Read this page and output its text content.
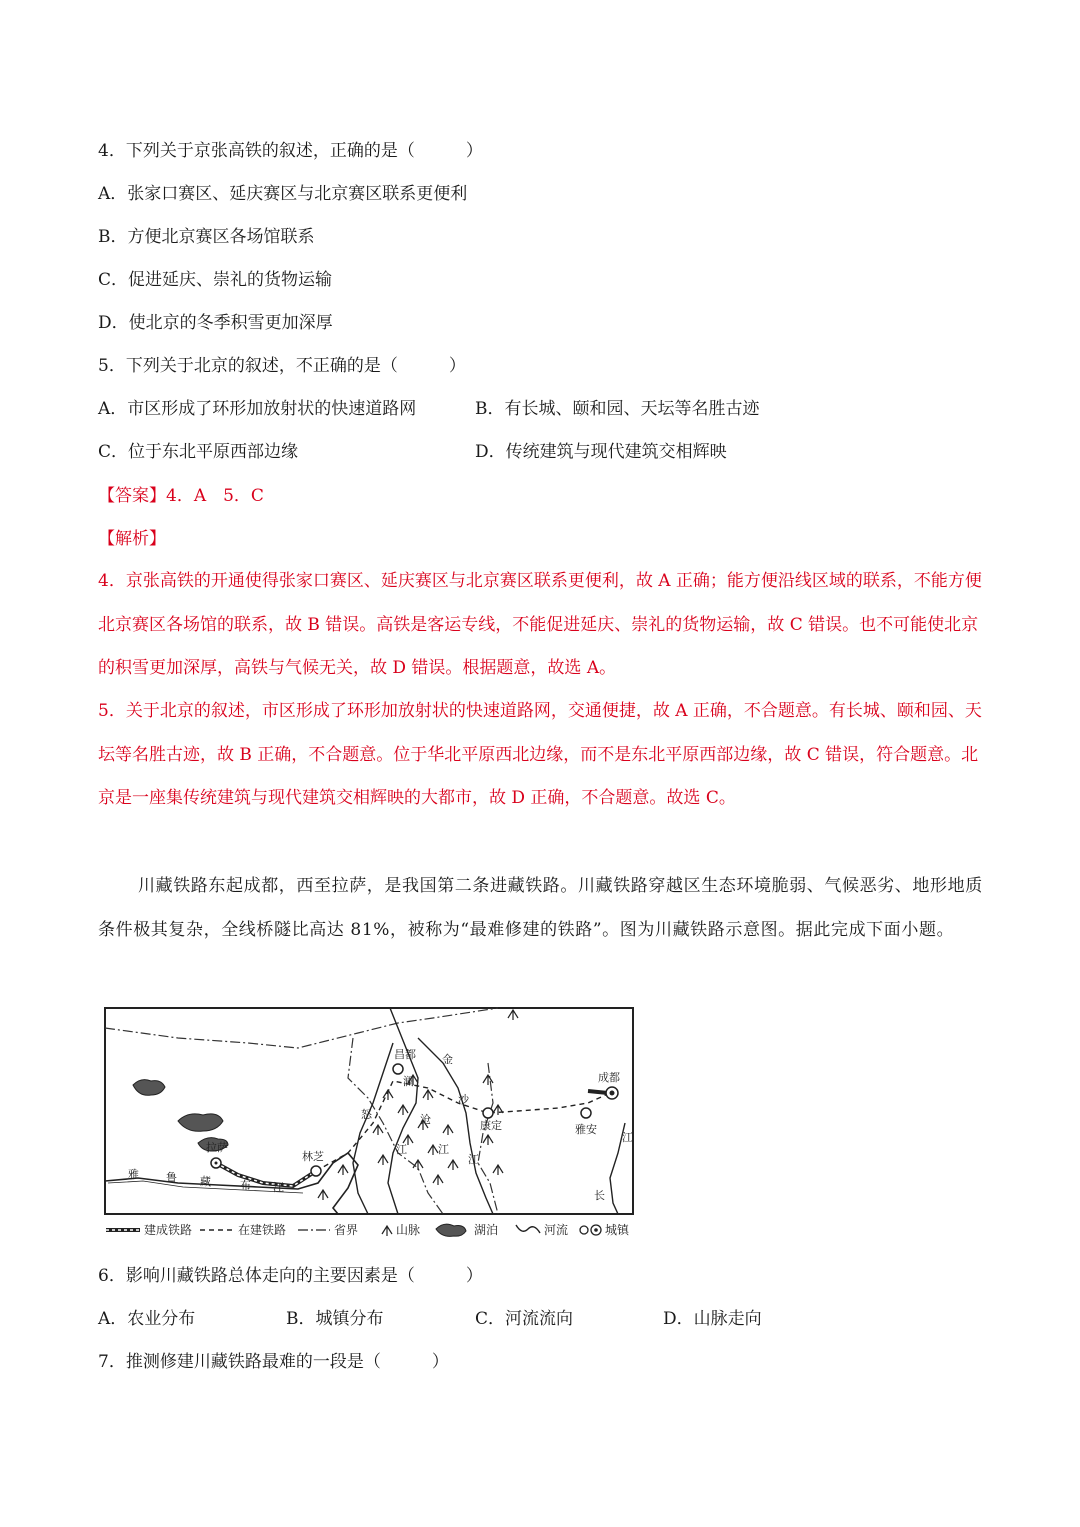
4．下列关于京张高铁的叙述，正确的是（　　　）
A．张家口赛区、延庆赛区与北京赛区联系更便利
B．方便北京赛区各场馆联系
C．促进延庆、崇礼的货物运输
D．使北京的冬季积雪更加深厚
5．下列关于北京的叙述，不正确的是（　　　）
A．市区形成了环形加放射状的快速道路网	B．有长城、颐和园、天坛等名胜古迹
C．位于东北平原西部边缘	D．传统建筑与现代建筑交相辉映
【答案】4．A　5．C
【解析】
4．京张高铁的开通使得张家口赛区、延庆赛区与北京赛区联系更便利，故 A 正确；能方便沿线区域的联系，不能方便北京赛区各场馆的联系，故 B 错误。高铁是客运专线，不能促进延庆、崇礼的货物运输，故 C 错误。也不可能使北京的积雪更加深厚，高铁与气候无关，故 D 错误。根据题意，故选 A。
5．关于北京的叙述，市区形成了环形加放射状的快速道路网，交通便捷，故 A 正确，不合题意。有长城、颐和园、天坛等名胜古迹，故 B 正确，不合题意。位于华北平原西北边缘，而不是东北平原西部边缘，故 C 错误，符合题意。北京是一座集传统建筑与现代建筑交相辉映的大都市，故 D 正确，不合题意。故选 C。
川藏铁路东起成都，西至拉萨，是我国第二条进藏铁路。川藏铁路穿越区生态环境脆弱、气候恶劣、地形地质条件极其复杂，全线桥隧比高达 81%，被称为“最难修建的铁路”。图为川藏铁路示意图。据此完成下面小题。
拉萨
林芝
昌都
成都
雅安
康定
雅 鲁 藏	布 江
金
沙
江
澜
沧
江
怒
江
长
江
建成铁路	在建铁路	省界	山脉	湖泊	河流	城镇
6．影响川藏铁路总体走向的主要因素是（　　　）
A．农业分布	B．城镇分布	C．河流流向	D．山脉走向
7．推测修建川藏铁路最难的一段是（　　　）
